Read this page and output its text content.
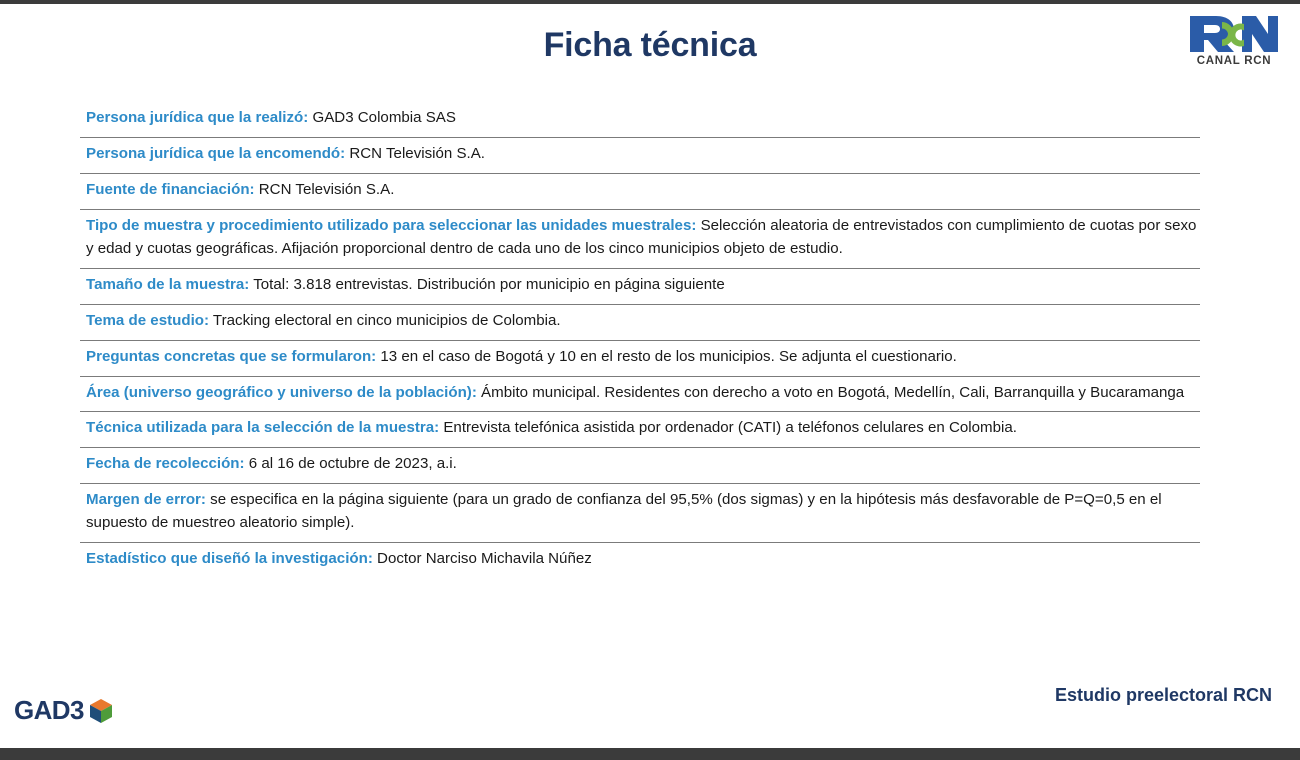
Ficha técnica	CANAL RCN
Persona jurídica que la realizó: GAD3 Colombia SAS
Persona jurídica que la encomendó: RCN Televisión S.A.
Fuente de financiación: RCN Televisión S.A.
Tipo de muestra y procedimiento utilizado para seleccionar las unidades muestrales: Selección aleatoria de entrevistados con cumplimiento de cuotas por sexo y edad y cuotas geográficas. Afijación proporcional dentro de cada uno de los cinco municipios objeto de estudio.
Tamaño de la muestra: Total: 3.818 entrevistas. Distribución por municipio en página siguiente
Tema de estudio: Tracking electoral en cinco municipios de Colombia.
Preguntas concretas que se formularon: 13 en el caso de Bogotá y 10 en el resto de los municipios. Se adjunta el cuestionario.
Área (universo geográfico y universo de la población): Ámbito municipal. Residentes con derecho a voto en Bogotá, Medellín, Cali, Barranquilla y Bucaramanga
Técnica utilizada para la selección de la muestra: Entrevista telefónica asistida por ordenador (CATI) a teléfonos celulares en Colombia.
Fecha de recolección: 6 al 16 de octubre de 2023, a.i.
Margen de error: se especifica en la página siguiente (para un grado de confianza del 95,5% (dos sigmas) y en la hipótesis más desfavorable de P=Q=0,5 en el supuesto de muestreo aleatorio simple).
Estadístico que diseñó la investigación: Doctor Narciso Michavila Núñez
Estudio preelectoral RCN
GAD3
